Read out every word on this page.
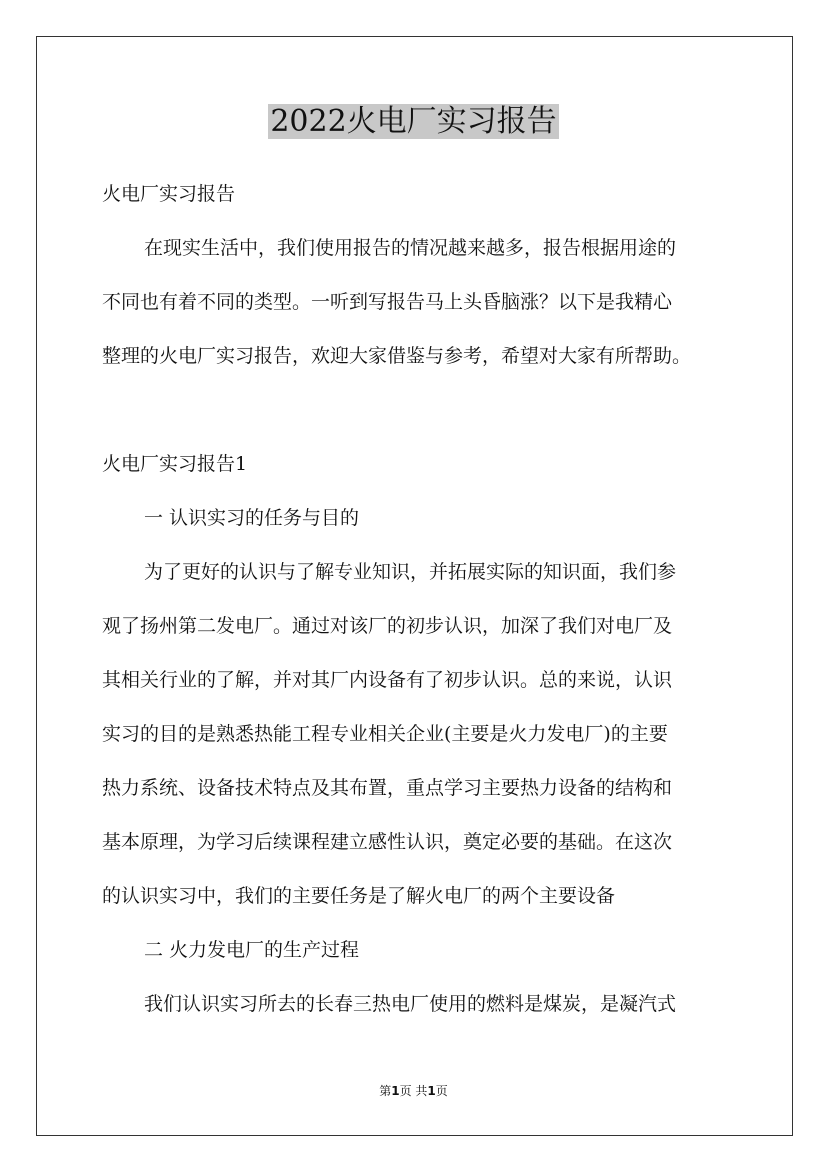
2022火电厂实习报告

火电厂实习报告

在现实生活中，我们使用报告的情况越来越多，报告根据用途的

不同也有着不同的类型。一听到写报告马上头昏脑涨？以下是我精心

整理的火电厂实习报告，欢迎大家借鉴与参考，希望对大家有所帮助。

火电厂实习报告1

一 认识实习的任务与目的

为了更好的认识与了解专业知识，并拓展实际的知识面，我们参

观了扬州第二发电厂。通过对该厂的初步认识，加深了我们对电厂及

其相关行业的了解，并对其厂内设备有了初步认识。总的来说，认识

实习的目的是熟悉热能工程专业相关企业(主要是火力发电厂)的主要

热力系统、设备技术特点及其布置，重点学习主要热力设备的结构和

基本原理，为学习后续课程建立感性认识，奠定必要的基础。在这次

的认识实习中，我们的主要任务是了解火电厂的两个主要设备

二 火力发电厂的生产过程

我们认识实习所去的长春三热电厂使用的燃料是煤炭，是凝汽式

第1页 共1页
